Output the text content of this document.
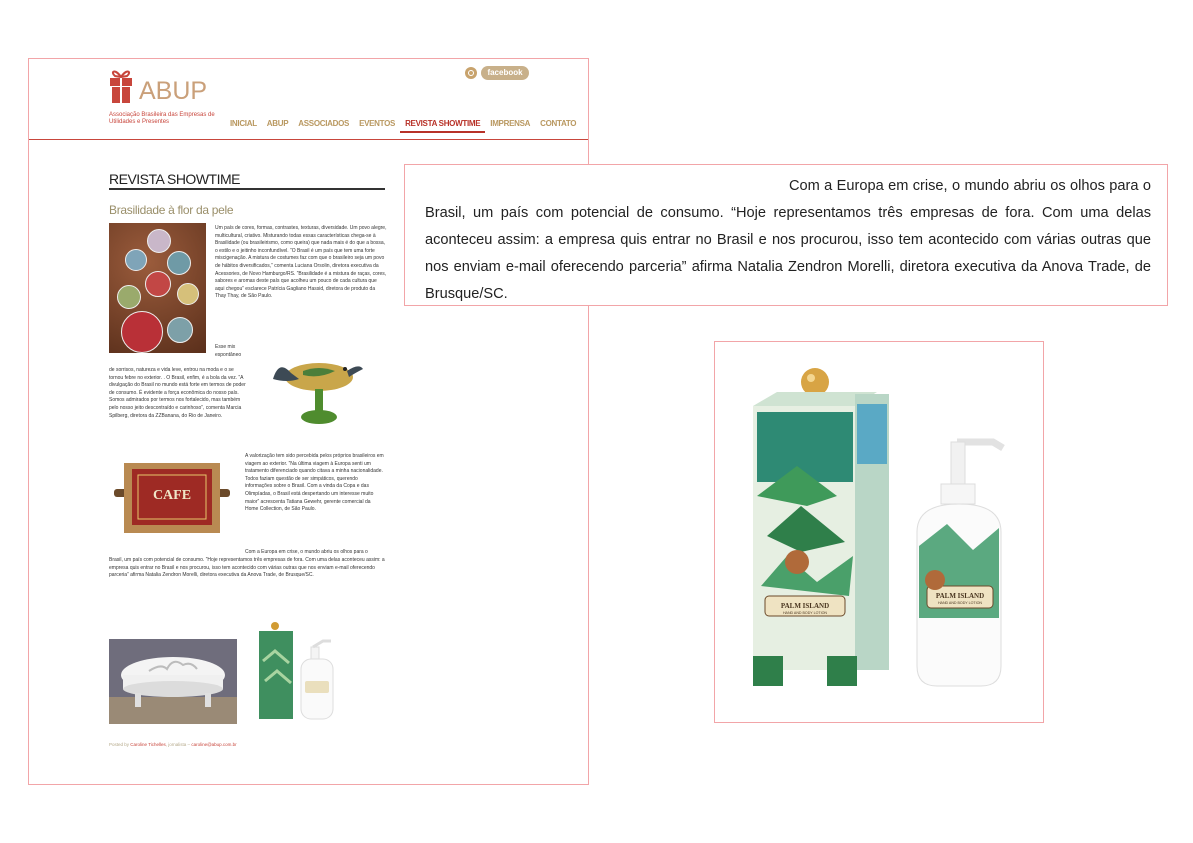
ABUP
Associação Brasileira das Empresas de Utilidades e Presentes
facebook
INICIAL	ABUP	ASSOCIADOS	EVENTOS	REVISTA SHOWTIME	IMPRENSA	CONTATO
REVISTA SHOWTIME
Brasilidade à flor da pele
Um país de cores, formas, contrastes, texturas, diversidade. Um povo alegre, multicultural, criativo. Misturando todas essas características chega-se à Brasilidade (ou brasileirismo, como queira) que nada mais é do que a bossa, o estilo e o jeitinho inconfundível. “O Brasil é um país que tem uma forte miscigenação. A mistura de costumes faz com que o brasileiro seja um povo de hábitos diversificados,” comenta Luciana Orsolin, diretora executiva da Acessories, de Novo Hamburgo/RS. “Brasilidade é a mistura de raças, cores, sabores e aromas deste país que acolheu um pouco de cada cultura que aqui chegou” esclarece Patrícia Gagliano Hassid, diretora de produto da Thay Thay, de São Paulo.
Esse mix espontâneo
de sorrisos, natureza e vida leve, entrou na moda e o se tornou febre no exterior. . O Brasil, enfim, é a bola da vez. “A divulgação do Brasil no mundo está forte em termos de poder de consumo. É evidente a força econômica do nosso país. Somos admirados por termos nos fortalecido, mas também pelo nosso jeito descontraído e carinhoso”, comenta Marcia Spilberg, diretora da ZZBanana, do Rio de Janeiro.
A valorização tem sido percebida pelos próprios brasileiros em viagem ao exterior. “Na última viagem à Europa senti um tratamento diferenciado quando citava a minha nacionalidade. Todos faziam questão de ser simpáticos, querendo informações sobre o Brasil. Com a vinda da Copa e das Olimpíadas, o Brasil está despertando um interesse muito maior” acrescenta Tatiana Gewehr, gerente comercial da Home Collection, de São Paulo.
CAFE
Com a Europa em crise, o mundo abriu os olhos para o
Brasil, um país com potencial de consumo. “Hoje representamos três empresas de fora. Com uma delas aconteceu assim: a empresa quis entrar no Brasil e nos procurou, isso tem acontecido com várias outras que nos enviam e-mail oferecendo parceria” afirma Natalia Zendron Morelli, diretora executiva da Anova Trade, de Brusque/SC.
Posted by Caroline Tichelles, jornalista – caroline@abup.com.br
Com a Europa em crise, o mundo abriu os olhos para o Brasil, um país com potencial de consumo. “Hoje representamos três empresas de fora. Com uma delas aconteceu assim: a empresa quis entrar no Brasil e nos procurou, isso tem acontecido com várias outras que nos enviam e-mail oferecendo parceria” afirma Natalia Zendron Morelli, diretora executiva da Anova Trade, de Brusque/SC.
PALM ISLAND
HAND AND BODY LOTION
PALM ISLAND
HAND AND BODY LOTION
